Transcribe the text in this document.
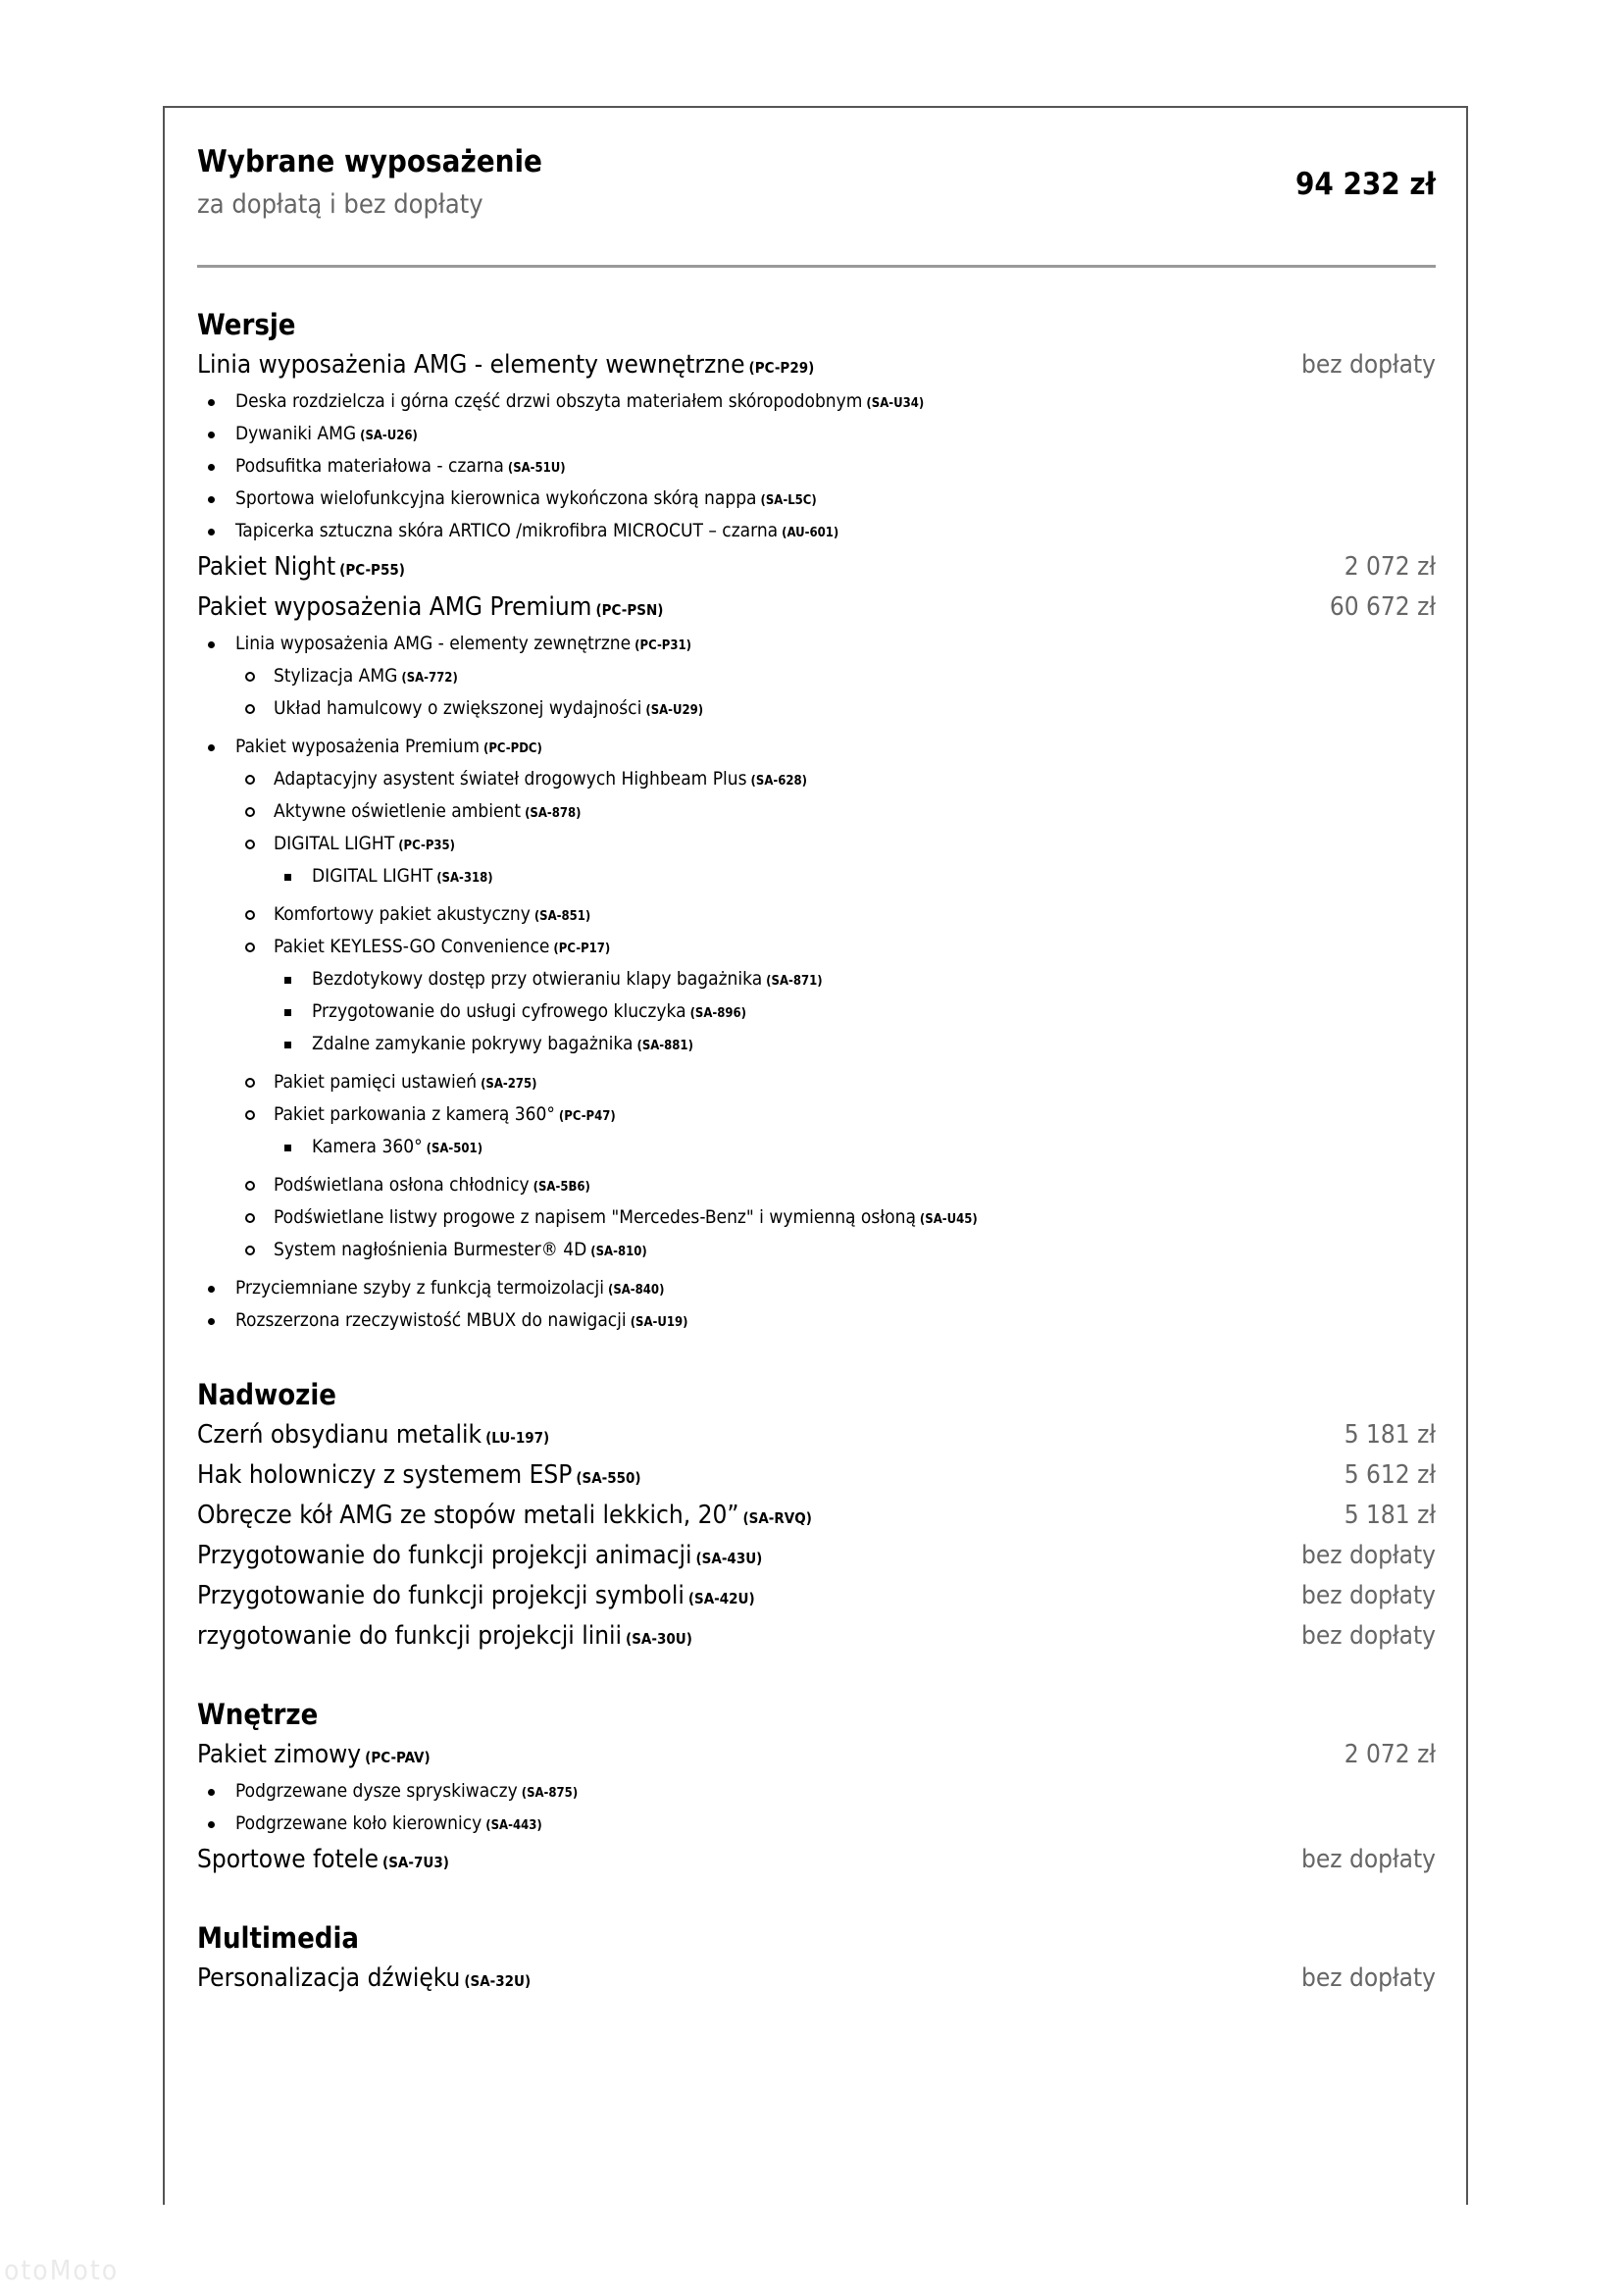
Wybrane wyposażenie
za dopłatą i bez dopłaty
94 232 zł
Wersje
Linia wyposażenia AMG - elementy wewnętrzne (PC-P29)	bez dopłaty
Deska rozdzielcza i górna część drzwi obszyta materiałem skóropodobnym (SA-U34)
Dywaniki AMG (SA-U26)
Podsufitka materiałowa - czarna (SA-51U)
Sportowa wielofunkcyjna kierownica wykończona skórą nappa (SA-L5C)
Tapicerka sztuczna skóra ARTICO /mikrofibra MICROCUT – czarna (AU-601)
Pakiet Night (PC-P55)	2 072 zł
Pakiet wyposażenia AMG Premium (PC-PSN)	60 672 zł
Linia wyposażenia AMG - elementy zewnętrzne (PC-P31)
Stylizacja AMG (SA-772)
Układ hamulcowy o zwiększonej wydajności (SA-U29)
Pakiet wyposażenia Premium (PC-PDC)
Adaptacyjny asystent świateł drogowych Highbeam Plus (SA-628)
Aktywne oświetlenie ambient (SA-878)
DIGITAL LIGHT (PC-P35)
DIGITAL LIGHT (SA-318)
Komfortowy pakiet akustyczny (SA-851)
Pakiet KEYLESS-GO Convenience (PC-P17)
Bezdotykowy dostęp przy otwieraniu klapy bagażnika (SA-871)
Przygotowanie do usługi cyfrowego kluczyka (SA-896)
Zdalne zamykanie pokrywy bagażnika (SA-881)
Pakiet pamięci ustawień (SA-275)
Pakiet parkowania z kamerą 360° (PC-P47)
Kamera 360° (SA-501)
Podświetlana osłona chłodnicy (SA-5B6)
Podświetlane listwy progowe z napisem "Mercedes-Benz" i wymienną osłoną (SA-U45)
System nagłośnienia Burmester® 4D (SA-810)
Przyciemniane szyby z funkcją termoizolacji (SA-840)
Rozszerzona rzeczywistość MBUX do nawigacji (SA-U19)
Nadwozie
Czerń obsydianu metalik (LU-197)	5 181 zł
Hak holowniczy z systemem ESP (SA-550)	5 612 zł
Obręcze kół AMG ze stopów metali lekkich, 20” (SA-RVQ)	5 181 zł
Przygotowanie do funkcji projekcji animacji (SA-43U)	bez dopłaty
Przygotowanie do funkcji projekcji symboli (SA-42U)	bez dopłaty
rzygotowanie do funkcji projekcji linii (SA-30U)	bez dopłaty
Wnętrze
Pakiet zimowy (PC-PAV)	2 072 zł
Podgrzewane dysze spryskiwaczy (SA-875)
Podgrzewane koło kierownicy (SA-443)
Sportowe fotele (SA-7U3)	bez dopłaty
Multimedia
Personalizacja dźwięku (SA-32U)	bez dopłaty
otoMoto
